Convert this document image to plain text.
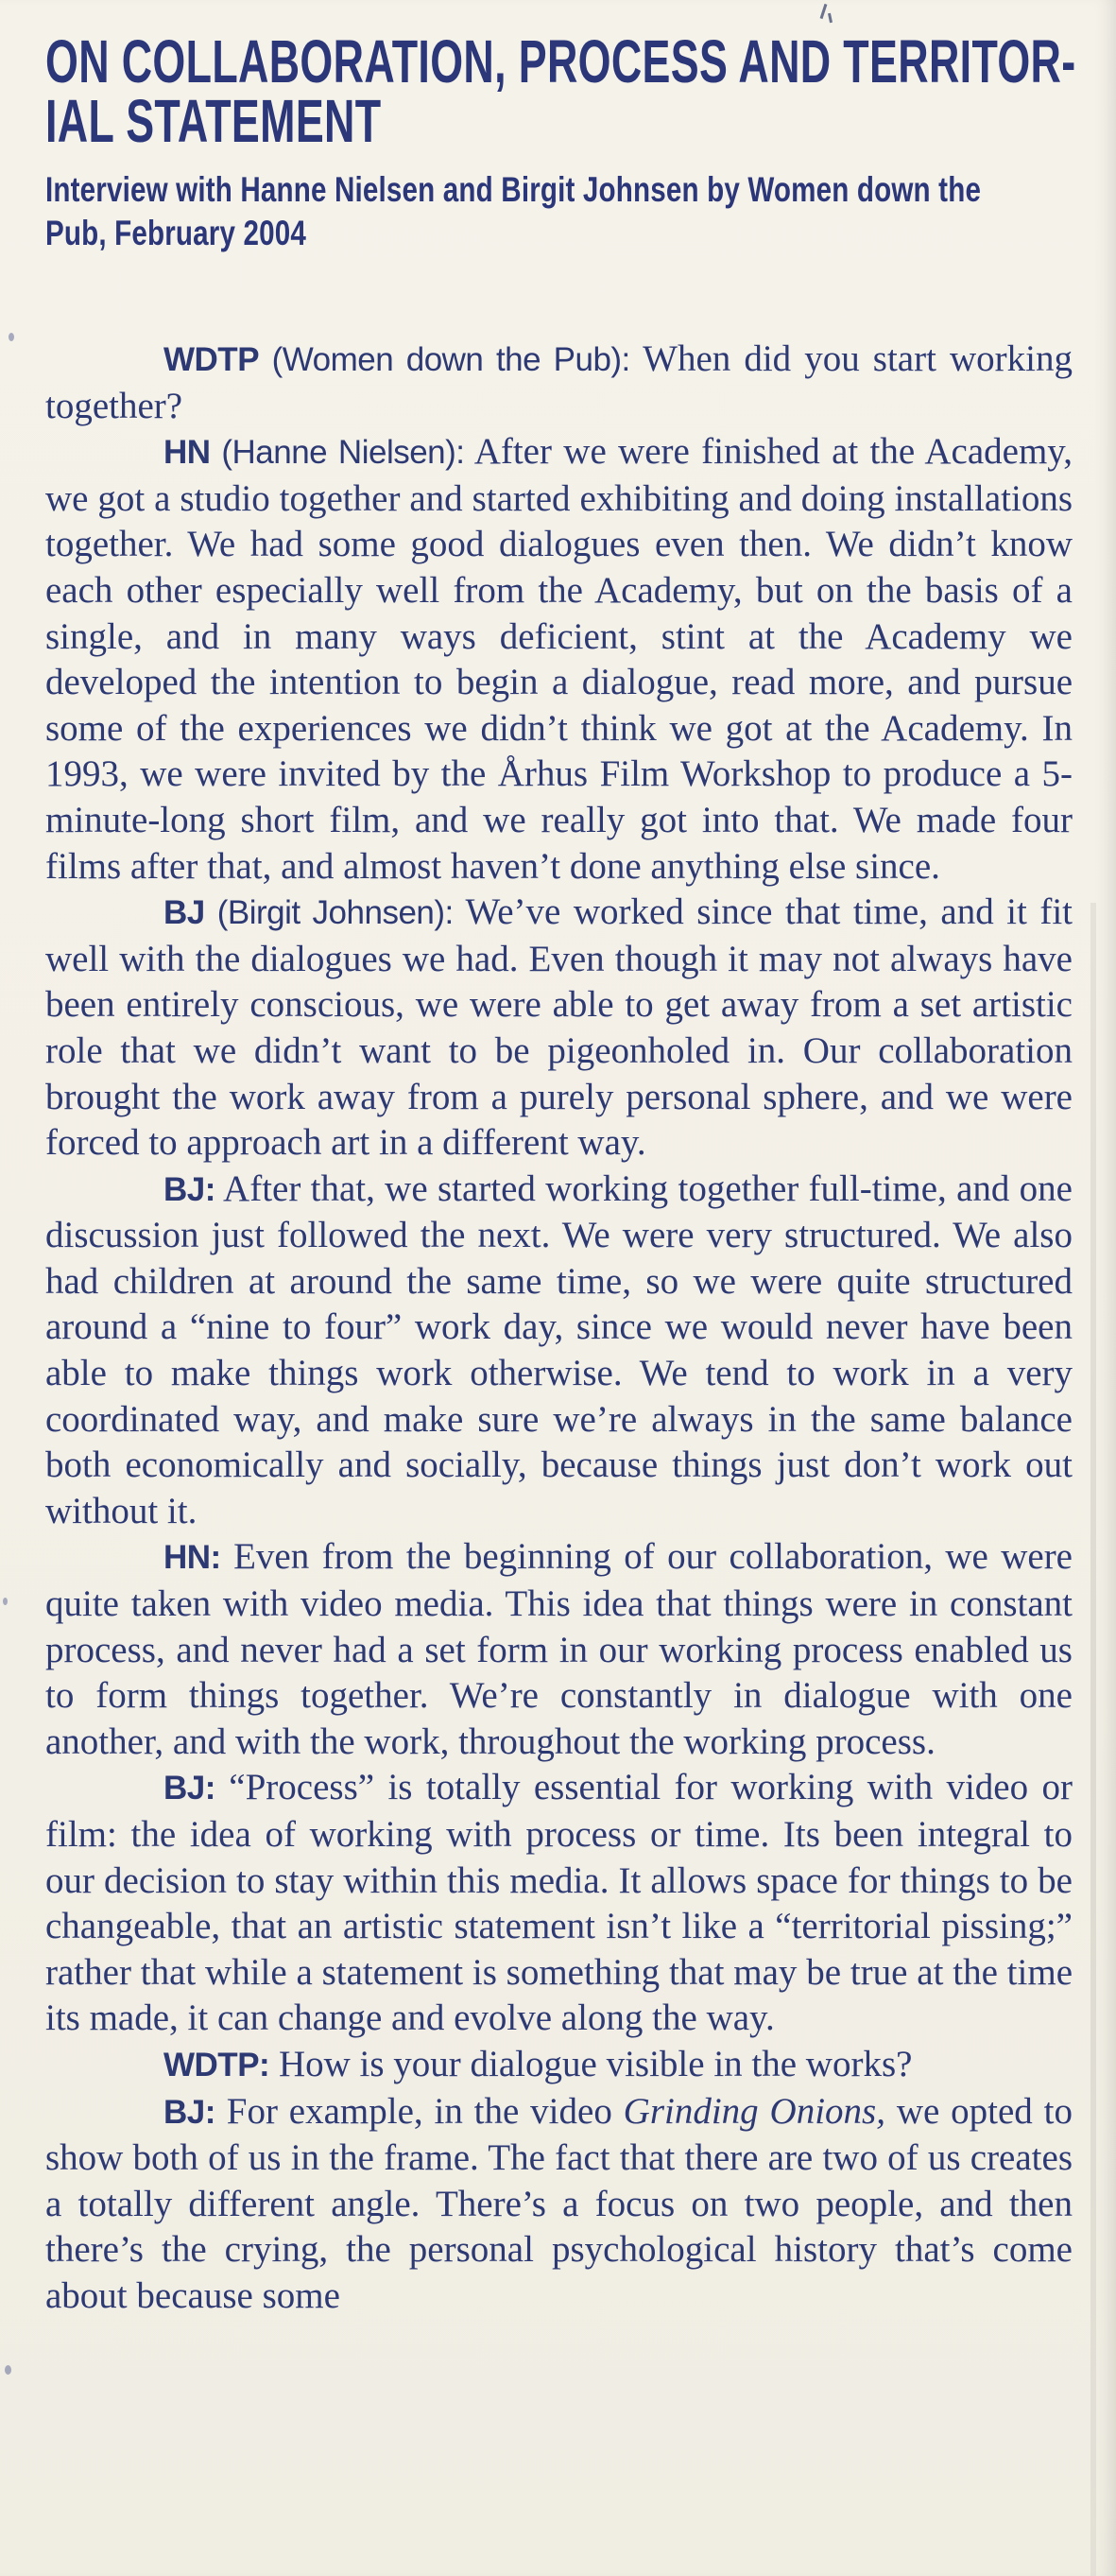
ON COLLABORATION, PROCESS AND TERRITOR-
IAL STATEMENT
Interview with Hanne Nielsen and Birgit Johnsen by Women down the
Pub, February 2004

WDTP (Women down the Pub): When did you start working together?

HN (Hanne Nielsen): After we were finished at the Academy, we got a studio together and started exhibiting and doing installations together. We had some good dialogues even then. We didn’t know each other especially well from the Academy, but on the basis of a single, and in many ways deficient, stint at the Academy we developed the intention to begin a dialogue, read more, and pursue some of the experiences we didn’t think we got at the Academy. In 1993, we were invited by the Århus Film Workshop to produce a 5-minute-long short film, and we really got into that. We made four films after that, and almost haven’t done anything else since.

BJ (Birgit Johnsen): We’ve worked since that time, and it fit well with the dialogues we had. Even though it may not always have been entirely conscious, we were able to get away from a set artistic role that we didn’t want to be pigeonholed in. Our collaboration brought the work away from a purely personal sphere, and we were forced to approach art in a different way.

BJ: After that, we started working together full-time, and one discussion just followed the next. We were very structured. We also had children at around the same time, so we were quite structured around a “nine to four” work day, since we would never have been able to make things work otherwise. We tend to work in a very coordinated way, and make sure we’re always in the same balance both economically and socially, because things just don’t work out without it.

HN: Even from the beginning of our collaboration, we were quite taken with video media. This idea that things were in constant process, and never had a set form in our working process enabled us to form things together. We’re constantly in dialogue with one another, and with the work, throughout the working process.

BJ: “Process” is totally essential for working with video or film: the idea of working with process or time. Its been integral to our decision to stay within this media. It allows space for things to be changeable, that an artistic statement isn’t like a “territorial pissing;” rather that while a statement is something that may be true at the time its made, it can change and evolve along the way.

WDTP: How is your dialogue visible in the works?

BJ: For example, in the video Grinding Onions, we opted to show both of us in the frame. The fact that there are two of us creates a totally different angle. There’s a focus on two people, and then there’s the crying, the personal psychological history that’s come about because some
